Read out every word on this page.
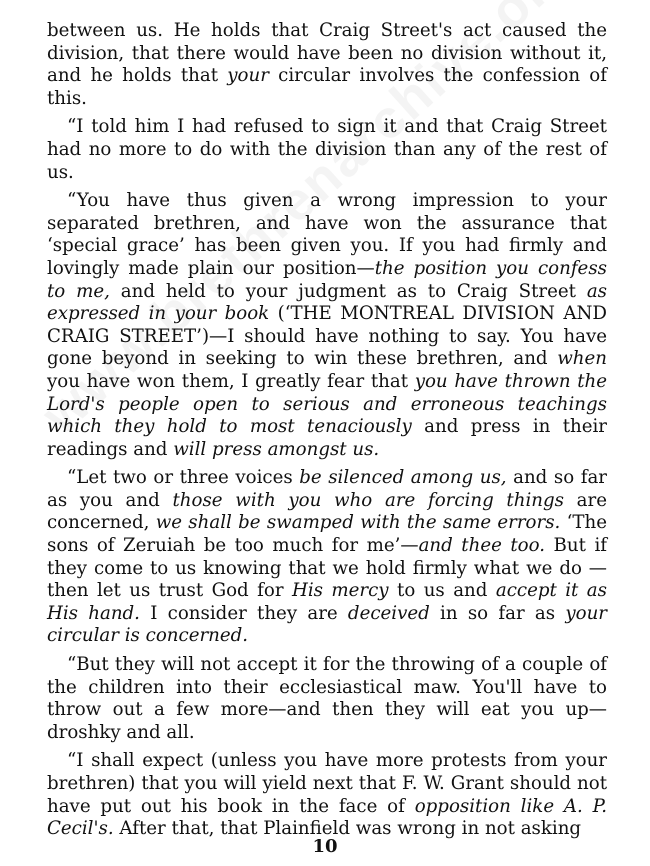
between us. He holds that Craig Street's act caused the division, that there would have been no division without it, and he holds that your circular involves the confession of this.

“I told him I had refused to sign it and that Craig Street had no more to do with the division than any of the rest of us.

“You have thus given a wrong impression to your separated brethren, and have won the assurance that ‘special grace’ has been given you. If you had firmly and lovingly made plain our position—the position you confess to me, and held to your judgment as to Craig Street as expressed in your book (‘THE MONTREAL DIVISION AND CRAIG STREET’)—I should have nothing to say. You have gone beyond in seeking to win these brethren, and when you have won them, I greatly fear that you have thrown the Lord's people open to serious and erroneous teachings which they hold to most tenaciously and press in their readings and will press amongst us.

“Let two or three voices be silenced among us, and so far as you and those with you who are forcing things are concerned, we shall be swamped with the same errors. ‘The sons of Zeruiah be too much for me’—and thee too. But if they come to us knowing that we hold firmly what we do —then let us trust God for His mercy to us and accept it as His hand. I consider they are deceived in so far as your circular is concerned.

“But they will not accept it for the throwing of a couple of the children into their ecclesiastical maw. You'll have to throw out a few more—and then they will eat you up—droshky and all.

“I shall expect (unless you have more protests from your brethren) that you will yield next that F. W. Grant should not have put out his book in the face of opposition like A. P. Cecil's. After that, that Plainfield was wrong in not asking

10
